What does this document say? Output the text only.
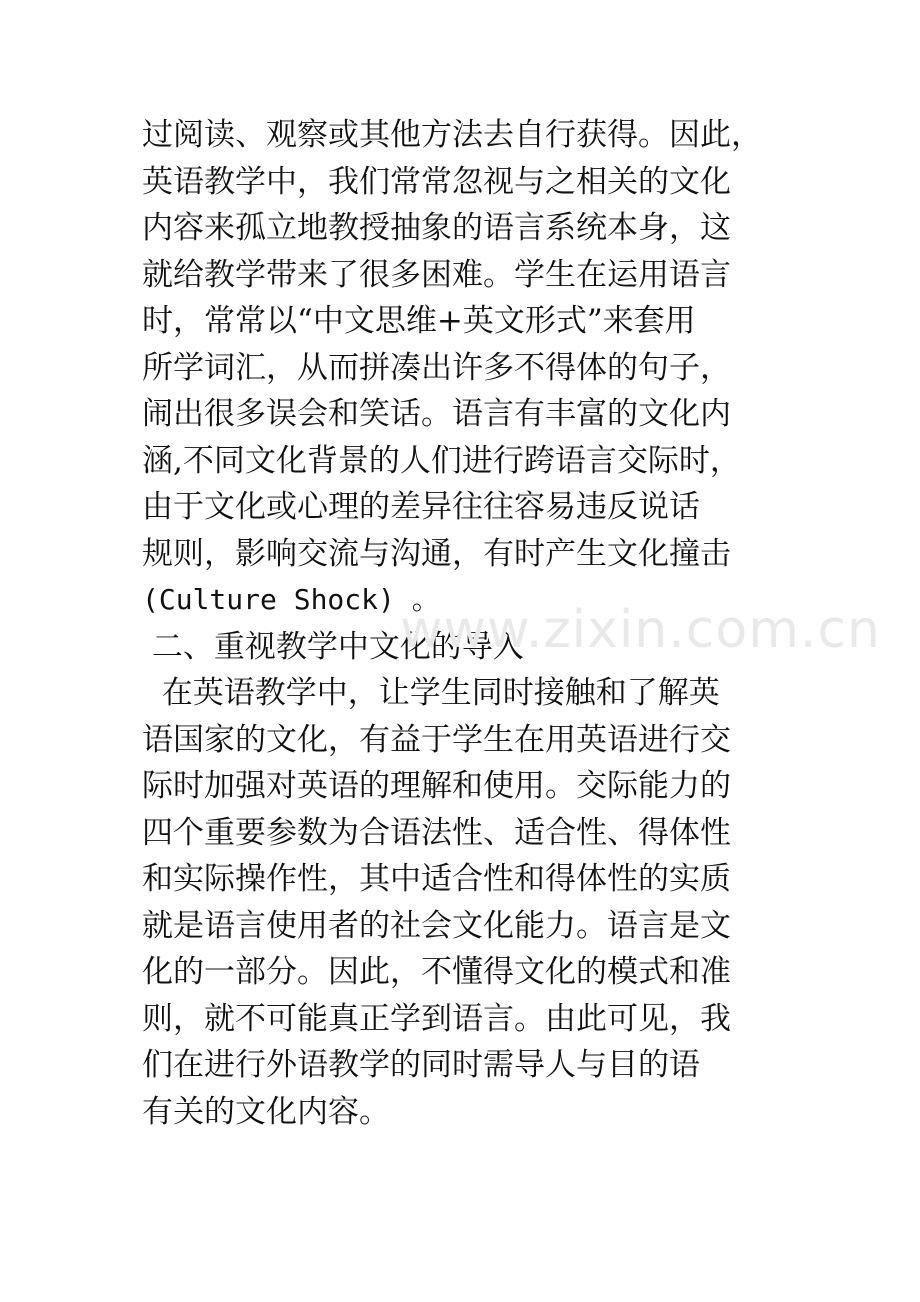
过阅读、观察或其他方法去自行获得。因此，
英语教学中，我们常常忽视与之相关的文化
内容来孤立地教授抽象的语言系统本身，这
就给教学带来了很多困难。学生在运用语言
时，常常以“中文思维+英文形式”来套用
所学词汇，从而拼凑出许多不得体的句子，
闹出很多误会和笑话。语言有丰富的文化内
涵,不同文化背景的人们进行跨语言交际时，
由于文化或心理的差异往往容易违反说话
规则，影响交流与沟通，有时产生文化撞击
(Culture Shock) 。
二、重视教学中文化的导入
在英语教学中，让学生同时接触和了解英
语国家的文化，有益于学生在用英语进行交
际时加强对英语的理解和使用。交际能力的
四个重要参数为合语法性、适合性、得体性
和实际操作性，其中适合性和得体性的实质
就是语言使用者的社会文化能力。语言是文
化的一部分。因此，不懂得文化的模式和准
则，就不可能真正学到语言。由此可见，我
们在进行外语教学的同时需导人与目的语
有关的文化内容。
www.zixin.com.cn
